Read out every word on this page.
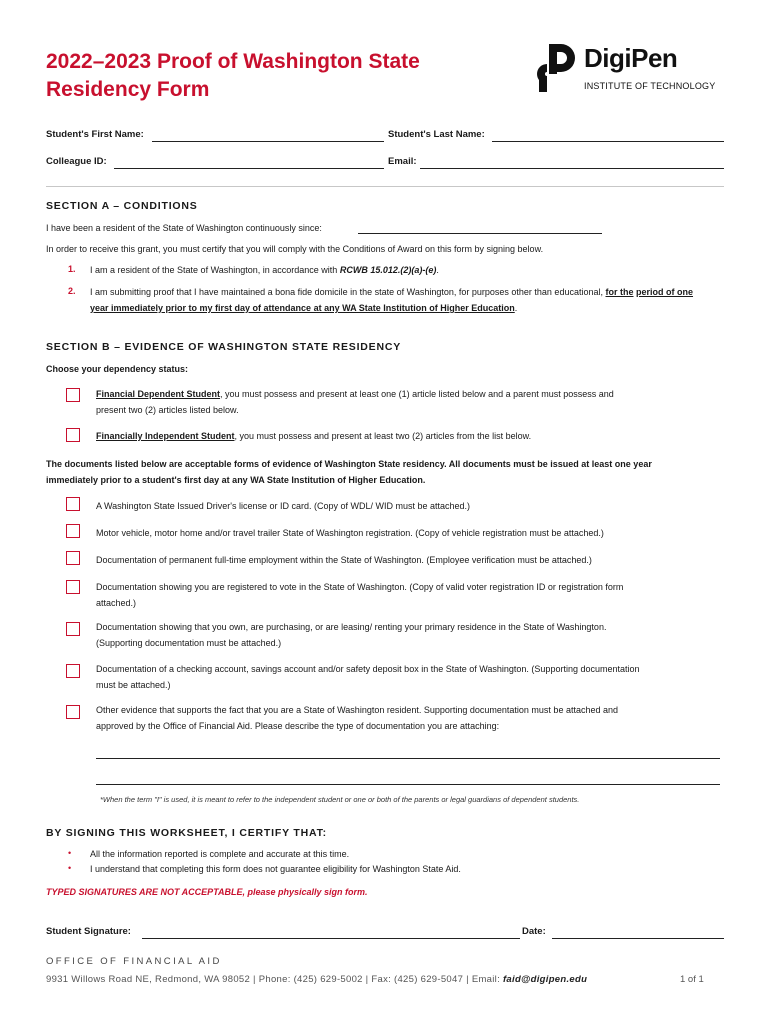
2022–2023 Proof of Washington State
Residency Form
DigiPen
INSTITUTE OF TECHNOLOGY
Student's First Name:	Student's Last Name:
Colleague ID:	Email:
SECTION A – CONDITIONS
I have been a resident of the State of Washington continuously since:
In order to receive this grant, you must certify that you will comply with the Conditions of Award on this form by signing below.
1. I am a resident of the State of Washington, in accordance with RCWB 15.012.(2)(a)-(e).
2. I am submitting proof that I have maintained a bona fide domicile in the state of Washington, for purposes other than educational, for the period of one year immediately prior to my first day of attendance at any WA State Institution of Higher Education.
SECTION B – EVIDENCE OF WASHINGTON STATE RESIDENCY
Choose your dependency status:
Financial Dependent Student, you must possess and present at least one (1) article listed below and a parent must possess and
present two (2) articles listed below.
Financially Independent Student, you must possess and present at least two (2) articles from the list below.
The documents listed below are acceptable forms of evidence of Washington State residency. All documents must be issued at least one year
immediately prior to a student's first day at any WA State Institution of Higher Education.
A Washington State Issued Driver's license or ID card. (Copy of WDL/ WID must be attached.)
Motor vehicle, motor home and/or travel trailer State of Washington registration. (Copy of vehicle registration must be attached.)
Documentation of permanent full-time employment within the State of Washington. (Employee verification must be attached.)
Documentation showing you are registered to vote in the State of Washington. (Copy of valid voter registration ID or registration form
attached.)
Documentation showing that you own, are purchasing, or are leasing/ renting your primary residence in the State of Washington.
(Supporting documentation must be attached.)
Documentation of a checking account, savings account and/or safety deposit box in the State of Washington. (Supporting documentation
must be attached.)
Other evidence that supports the fact that you are a State of Washington resident. Supporting documentation must be attached and
approved by the Office of Financial Aid. Please describe the type of documentation you are attaching:
*When the term "I" is used, it is meant to refer to the independent student or one or both of the parents or legal guardians of dependent students.
BY SIGNING THIS WORKSHEET, I CERTIFY THAT:
• All the information reported is complete and accurate at this time.
• I understand that completing this form does not guarantee eligibility for Washington State Aid.
TYPED SIGNATURES ARE NOT ACCEPTABLE, please physically sign form.
Student Signature:	Date:
OFFICE OF FINANCIAL AID
9931 Willows Road NE, Redmond, WA 98052 | Phone: (425) 629-5002 | Fax: (425) 629-5047 | Email: faid@digipen.edu	1 of 1
